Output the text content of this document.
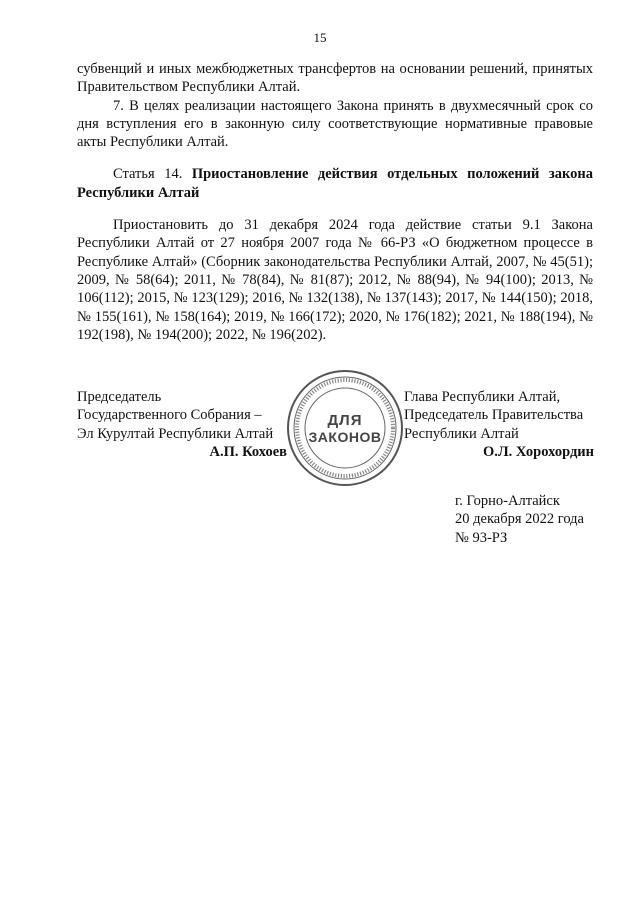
15

субвенций и иных межбюджетных трансфертов на основании решений, принятых Правительством Республики Алтай.

7. В целях реализации настоящего Закона принять в двухмесячный срок со дня вступления его в законную силу соответствующие нормативные правовые акты Республики Алтай.

Статья 14. Приостановление действия отдельных положений закона Республики Алтай

Приостановить до 31 декабря 2024 года действие статьи 9.1 Закона Республики Алтай от 27 ноября 2007 года № 66-РЗ «О бюджетном процессе в Республике Алтай» (Сборник законодательства Республики Алтай, 2007, № 45(51); 2009, № 58(64); 2011, № 78(84), № 81(87); 2012, № 88(94), № 94(100); 2013, № 106(112); 2015, № 123(129); 2016, № 132(138), № 137(143); 2017, № 144(150); 2018, № 155(161), № 158(164); 2019, № 166(172); 2020, № 176(182); 2021, № 188(194), № 192(198), № 194(200); 2022, № 196(202).

Председатель
Государственного Собрания –
Эл Курултай Республики Алтай
А.П. Кохоев
ДЛЯ
ЗАКОНОВ
Глава Республики Алтай,
Председатель Правительства
Республики Алтай
О.Л. Хорохордин
г. Горно-Алтайск
20 декабря 2022 года
№ 93-РЗ
